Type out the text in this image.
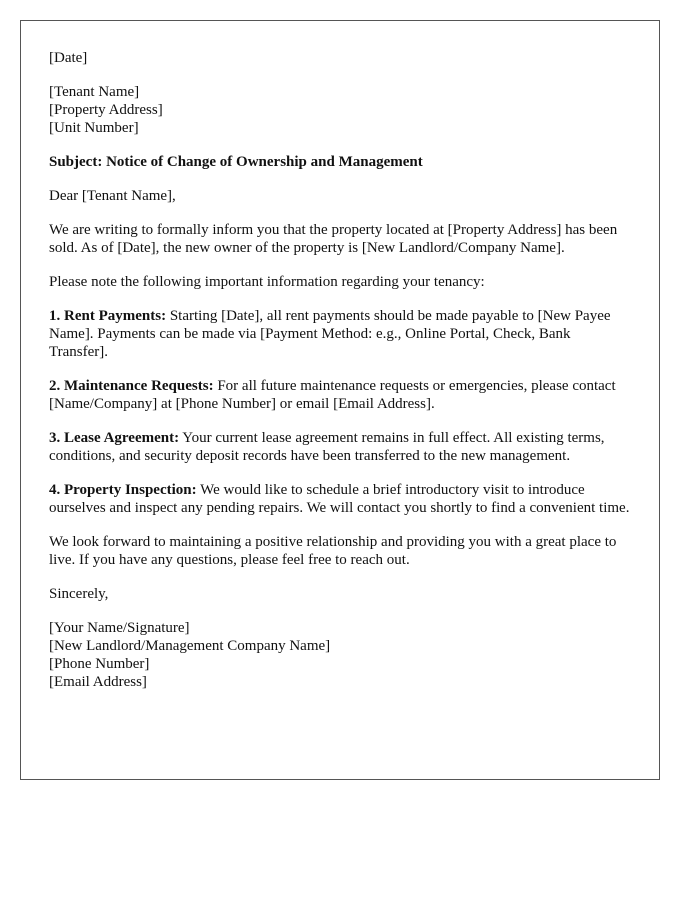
[Date]

[Tenant Name]
[Property Address]
[Unit Number]

Subject: Notice of Change of Ownership and Management

Dear [Tenant Name],

We are writing to formally inform you that the property located at [Property Address] has been sold. As of [Date], the new owner of the property is [New Landlord/Company Name].

Please note the following important information regarding your tenancy:

1. Rent Payments: Starting [Date], all rent payments should be made payable to [New Payee Name]. Payments can be made via [Payment Method: e.g., Online Portal, Check, Bank Transfer].

2. Maintenance Requests: For all future maintenance requests or emergencies, please contact [Name/Company] at [Phone Number] or email [Email Address].

3. Lease Agreement: Your current lease agreement remains in full effect. All existing terms, conditions, and security deposit records have been transferred to the new management.

4. Property Inspection: We would like to schedule a brief introductory visit to introduce ourselves and inspect any pending repairs. We will contact you shortly to find a convenient time.

We look forward to maintaining a positive relationship and providing you with a great place to live. If you have any questions, please feel free to reach out.

Sincerely,

[Your Name/Signature]
[New Landlord/Management Company Name]
[Phone Number]
[Email Address]
